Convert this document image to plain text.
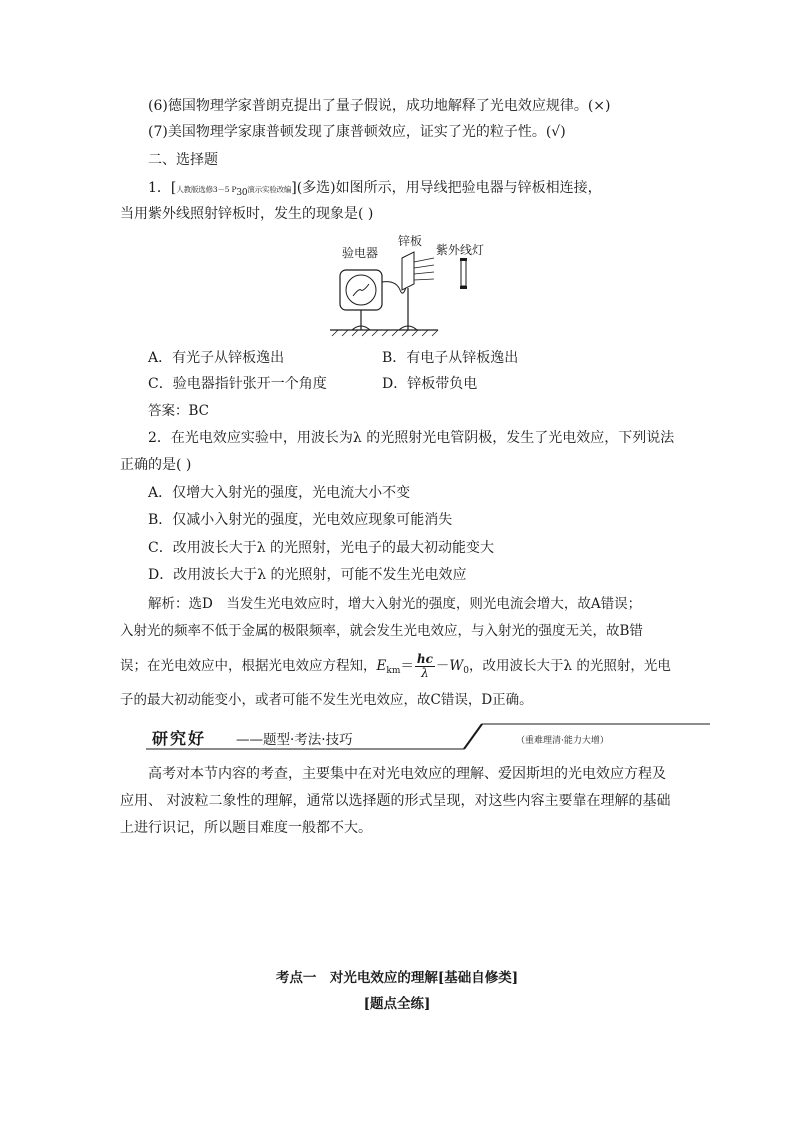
(6)德国物理学家普朗克提出了量子假说，成功地解释了光电效应规律。(×)
(7)美国物理学家康普顿发现了康普顿效应，证实了光的粒子性。(√)
二、选择题
1．[人教版选修3－5 P30演示实验改编](多选)如图所示，用导线把验电器与锌板相连接，
当用紫外线照射锌板时，发生的现象是( )
验电器
锌板
紫外线灯
A．有光子从锌板逸出	B．有电子从锌板逸出
C．验电器指针张开一个角度	D．锌板带负电
答案：BC
2．在光电效应实验中，用波长为λ 的光照射光电管阴极，发生了光电效应，下列说法
正确的是( )
A．仅增大入射光的强度，光电流大小不变
B．仅减小入射光的强度，光电效应现象可能消失
C．改用波长大于λ 的光照射，光电子的最大初动能变大
D．改用波长大于λ 的光照射，可能不发生光电效应
解析：选D　当发生光电效应时，增大入射光的强度，则光电流会增大，故A错误；
入射光的频率不低于金属的极限频率，就会发生光电效应，与入射光的强度无关，故B错
误；在光电效应中，根据光电效应方程知，$E_{km}= \frac{hc}{\lambda} -W_0$，改用波长大于λ 的光照射，光电
子的最大初动能变小，或者可能不发生光电效应，故C错误，D正确。
研究好 ——题型·考法·技巧	（重难理清·能力大增）
高考对本节内容的考查，主要集中在对光电效应的理解、爱因斯坦的光电效应方程及
应用、 对波粒二象性的理解，通常以选择题的形式呈现，对这些内容主要靠在理解的基础
上进行识记，所以题目难度一般都不大。
考点一　对光电效应的理解[基础自修类]
[题点全练]
